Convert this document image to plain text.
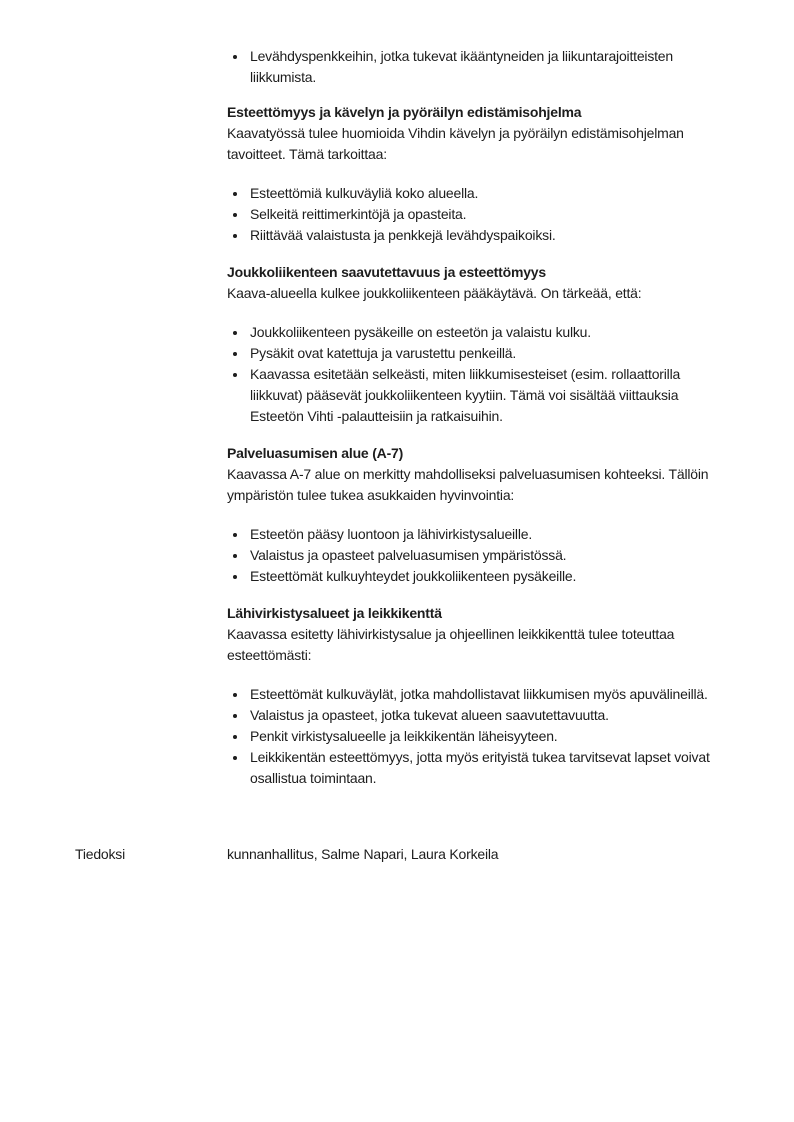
• Levähdyspenkkeihin, jotka tukevat ikääntyneiden ja liikuntarajoitteisten liikkumista.
Esteettömyys ja kävelyn ja pyöräilyn edistämisohjelma

Kaavatyössä tulee huomioida Vihdin kävelyn ja pyöräilyn edistämisohjelman tavoitteet. Tämä tarkoittaa:

• Esteettömiä kulkuväyliä koko alueella.
• Selkeitä reittimerkintöjä ja opasteita.
• Riittävää valaistusta ja penkkejä levähdyspaikoiksi.
Joukkoliikenteen saavutettavuus ja esteettömyys

Kaava-alueella kulkee joukkoliikenteen pääkäytävä. On tärkeää, että:

• Joukkoliikenteen pysäkeille on esteetön ja valaistu kulku.
• Pysäkit ovat katettuja ja varustettu penkeillä.
• Kaavassa esitetään selkeästi, miten liikkumisesteiset (esim. rollaattorilla liikkuvat) pääsevät joukkoliikenteen kyytiin. Tämä voi sisältää viittauksia Esteetön Vihti -palautteisiin ja ratkaisuihin.
Palveluasumisen alue (A-7)

Kaavassa A-7 alue on merkitty mahdolliseksi palveluasumisen kohteeksi. Tällöin ympäristön tulee tukea asukkaiden hyvinvointia:

• Esteetön pääsy luontoon ja lähivirkistysalueille.
• Valaistus ja opasteet palveluasumisen ympäristössä.
• Esteettömät kulkuyhteydet joukkoliikenteen pysäkeille.
Lähivirkistysalueet ja leikkikenttä

Kaavassa esitetty lähivirkistysalue ja ohjeellinen leikkikenttä tulee toteuttaa esteettömästi:

• Esteettömät kulkuväylät, jotka mahdollistavat liikkumisen myös apuvälineillä.
• Valaistus ja opasteet, jotka tukevat alueen saavutettavuutta.
• Penkit virkistysalueelle ja leikkikentän läheisyyteen.
• Leikkikentän esteettömyys, jotta myös erityistä tukea tarvitsevat lapset voivat osallistua toimintaan.
Tiedoksi	kunnanhallitus, Salme Napari, Laura Korkeila
